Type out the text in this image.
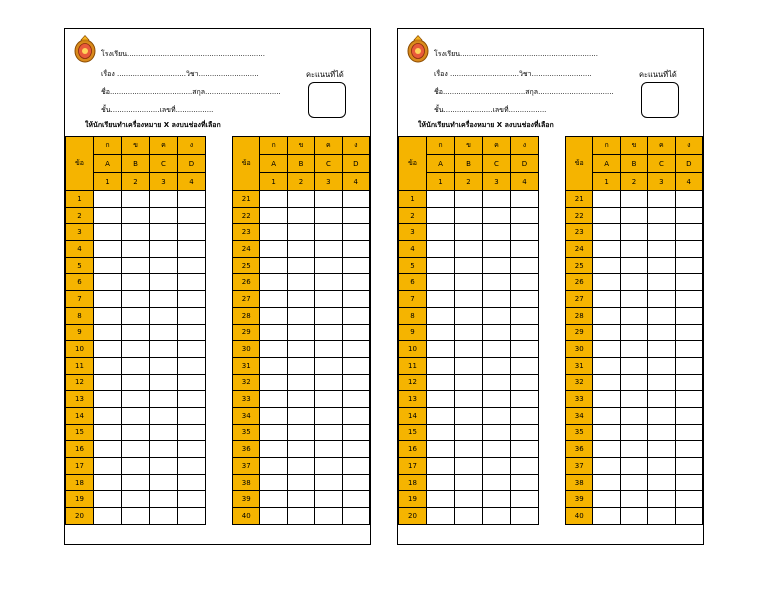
โรงเรียน..............................................................
เรื่อง ...............................วิชา...........................
ชื่อ.....................................สกุล..................................
ชั้น......................เลขที่.................
คะแนนที่ได้
ให้นักเรียนทำเครื่องหมาย X ลงบนช่องที่เลือก
ข้อ	ก	ข	ค	ง
	A	B	C	D
	1	2	3	4
1				
2				
3				
4				
5				
6				
7				
8				
9				
10				
11				
12				
13				
14				
15				
16				
17				
18				
19				
20				
ข้อ	ก	ข	ค	ง
	A	B	C	D
	1	2	3	4
21				
22				
23				
24				
25				
26				
27				
28				
29				
30				
31				
32				
33				
34				
35				
36				
37				
38				
39				
40				
โรงเรียน..............................................................
เรื่อง ...............................วิชา...........................
ชื่อ.....................................สกุล..................................
ชั้น......................เลขที่.................
คะแนนที่ได้
ให้นักเรียนทำเครื่องหมาย X ลงบนช่องที่เลือก
ข้อ	ก	ข	ค	ง
	A	B	C	D
	1	2	3	4
1				
2				
3				
4				
5				
6				
7				
8				
9				
10				
11				
12				
13				
14				
15				
16				
17				
18				
19				
20				
ข้อ	ก	ข	ค	ง
	A	B	C	D
	1	2	3	4
21				
22				
23				
24				
25				
26				
27				
28				
29				
30				
31				
32				
33				
34				
35				
36				
37				
38				
39				
40				
